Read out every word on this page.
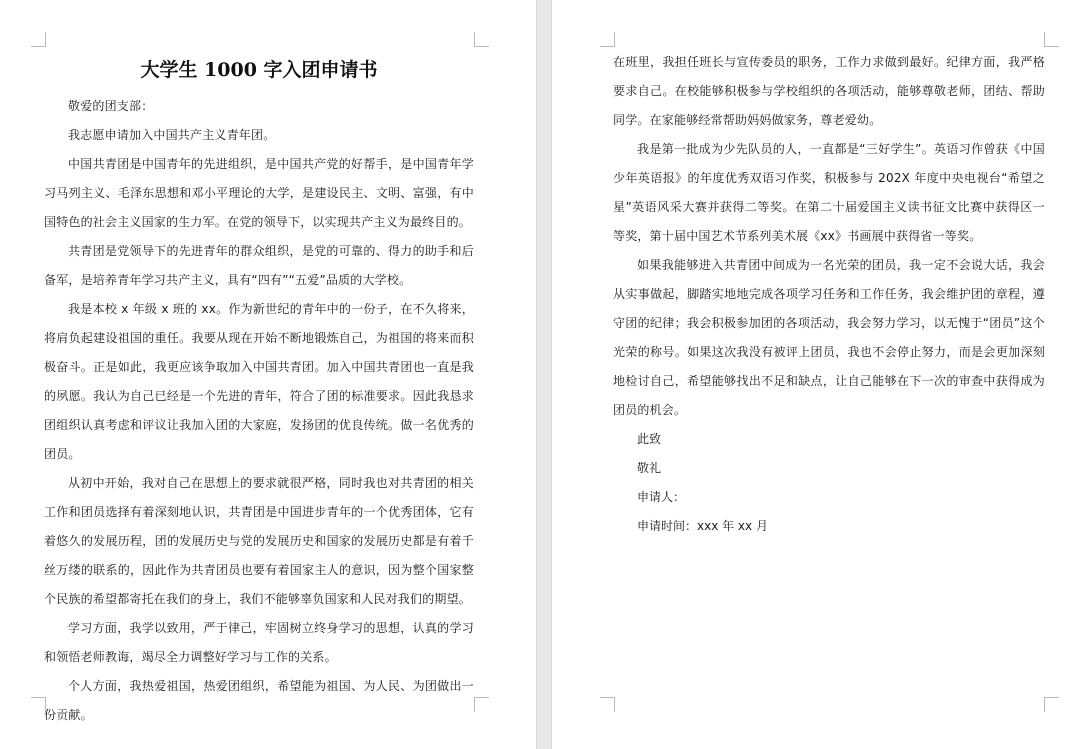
大学生 1000 字入团申请书

敬爱的团支部：

我志愿申请加入中国共产主义青年团。

中国共青团是中国青年的先进组织，是中国共产党的好帮手，是中国青年学习马列主义、毛泽东思想和邓小平理论的大学，是建设民主、文明、富强，有中国特色的社会主义国家的生力军。在党的领导下，以实现共产主义为最终目的。

共青团是党领导下的先进青年的群众组织，是党的可靠的、得力的助手和后备军，是培养青年学习共产主义，具有“四有”“五爱”品质的大学校。

我是本校 x 年级 x 班的 xx。作为新世纪的青年中的一份子，在不久将来，将肩负起建设祖国的重任。我要从现在开始不断地锻炼自己，为祖国的将来而积极奋斗。正是如此，我更应该争取加入中国共青团。加入中国共青团也一直是我的夙愿。我认为自己已经是一个先进的青年，符合了团的标准要求。因此我恳求团组织认真考虑和评议让我加入团的大家庭，发扬团的优良传统。做一名优秀的团员。

从初中开始，我对自己在思想上的要求就很严格，同时我也对共青团的相关工作和团员选择有着深刻地认识，共青团是中国进步青年的一个优秀团体，它有着悠久的发展历程，团的发展历史与党的发展历史和国家的发展历史都是有着千丝万缕的联系的，因此作为共青团员也要有着国家主人的意识，因为整个国家整个民族的希望都寄托在我们的身上，我们不能够辜负国家和人民对我们的期望。

学习方面，我学以致用，严于律己，牢固树立终身学习的思想，认真的学习和领悟老师教诲，竭尽全力调整好学习与工作的关系。

个人方面，我热爱祖国，热爱团组织，希望能为祖国、为人民、为团做出一份贡献。

在班里，我担任班长与宣传委员的职务，工作力求做到最好。纪律方面，我严格要求自己。在校能够积极参与学校组织的各项活动，能够尊敬老师，团结、帮助同学。在家能够经常帮助妈妈做家务，尊老爱幼。

我是第一批成为少先队员的人，一直都是“三好学生”。英语习作曾获《中国少年英语报》的年度优秀双语习作奖，积极参与 202X 年度中央电视台“希望之星”英语风采大赛并获得二等奖。在第二十届爱国主义读书征文比赛中获得区一等奖，第十届中国艺术节系列美术展《xx》书画展中获得省一等奖。

如果我能够进入共青团中间成为一名光荣的团员，我一定不会说大话，我会从实事做起，脚踏实地地完成各项学习任务和工作任务，我会维护团的章程，遵守团的纪律；我会积极参加团的各项活动，我会努力学习，以无愧于“团员”这个光荣的称号。如果这次我没有被评上团员，我也不会停止努力，而是会更加深刻地检讨自己，希望能够找出不足和缺点，让自己能够在下一次的审查中获得成为团员的机会。

此致

敬礼

申请人：

申请时间：xxx 年 xx 月
